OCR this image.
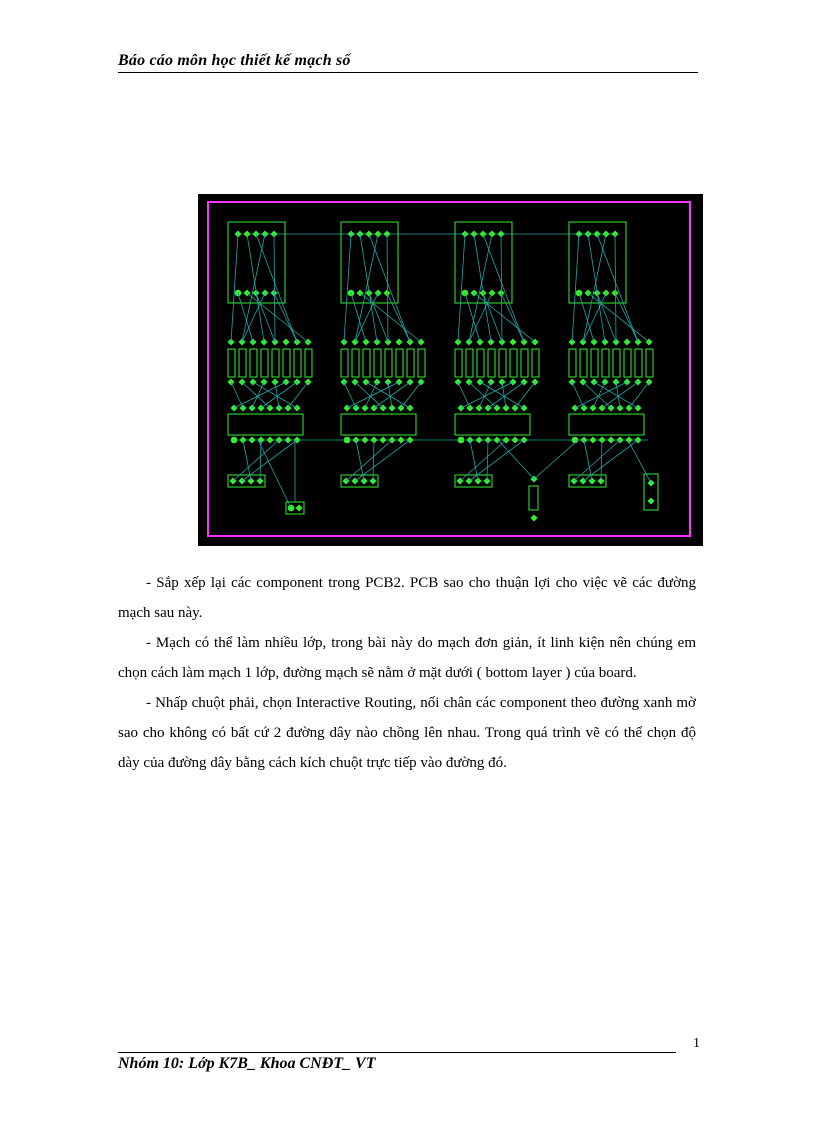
Báo cáo môn học thiết kế mạch số

- Sắp xếp lại các component trong PCB2. PCB sao cho thuận lợi cho việc vẽ các đường mạch sau này.

- Mạch có thể làm nhiều lớp, trong bài này do mạch đơn giản, ít linh kiện nên chúng em chọn cách làm mạch 1 lớp, đường mạch sẽ nằm ở mặt dưới ( bottom layer ) của board.

- Nhấp chuột phải, chọn Interactive Routing, nối chân các component theo đường xanh mờ sao cho không có bất cứ 2 đường dây nào chồng lên nhau. Trong quá trình vẽ có thể chọn độ dày của đường dây bằng cách kích chuột trực tiếp vào đường đó.

1
Nhóm 10: Lớp K7B_ Khoa CNĐT_ VT
